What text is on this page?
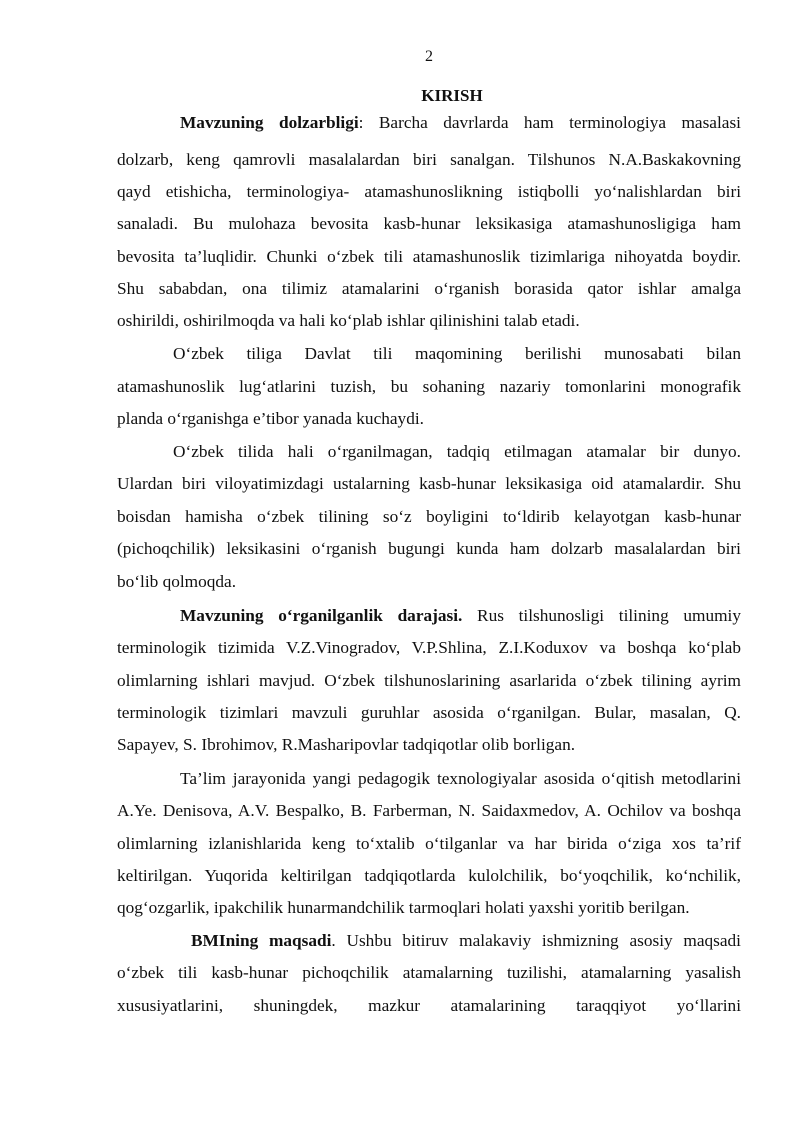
2
KIRISH
Mavzuning dolzarbligi: Barcha davrlarda ham terminologiya masalasi
dolzarb, keng qamrovli masalalardan biri sanalgan. Tilshunos N.A.Baskakovning
qayd etishicha, terminologiya- atamashunoslikning istiqbolli yo‘nalishlardan biri
sanaladi. Bu mulohaza bevosita kasb-hunar leksikasiga atamashunosligiga ham
bevosita ta’luqlidir. Chunki o‘zbek tili atamashunoslik tizimlariga nihoyatda boydir.
Shu sababdan, ona tilimiz atamalarini o‘rganish borasida qator ishlar amalga
oshirildi, oshirilmoqda va hali ko‘plab ishlar qilinishini talab etadi.
O‘zbek tiliga Davlat tili maqomining berilishi munosabati bilan
atamashunoslik lug‘atlarini tuzish, bu sohaning nazariy tomonlarini monografik
planda o‘rganishga e’tibor yanada kuchaydi.
O‘zbek tilida hali o‘rganilmagan, tadqiq etilmagan atamalar bir dunyo.
Ulardan biri viloyatimizdagi ustalarning kasb-hunar leksikasiga oid atamalardir. Shu
boisdan hamisha o‘zbek tilining so‘z boyligini to‘ldirib kelayotgan kasb-hunar
(pichoqchilik) leksikasini o‘rganish bugungi kunda ham dolzarb masalalardan biri
bo‘lib qolmoqda.
Mavzuning o‘rganilganlik darajasi. Rus tilshunosligi tilining umumiy
terminologik tizimida V.Z.Vinogradov, V.P.Shlina, Z.I.Koduxov va boshqa ko‘plab
olimlarning ishlari mavjud. O‘zbek tilshunoslarining asarlarida o‘zbek tilining ayrim
terminologik tizimlari mavzuli guruhlar asosida o‘rganilgan. Bular, masalan, Q.
Sapayev, S. Ibrohimov, R.Masharipovlar tadqiqotlar olib borligan.
Ta’lim jarayonida yangi pedagogik texnologiyalar asosida o‘qitish metodlarini
A.Ye. Denisova, A.V. Bespalko, B. Farberman, N. Saidaxmedov, A. Ochilov va boshqa
olimlarning izlanishlarida keng to‘xtalib o‘tilganlar va har birida o‘ziga xos ta’rif
keltirilgan. Yuqorida keltirilgan tadqiqotlarda kulolchilik, bo‘yoqchilik, ko‘nchilik,
qog‘ozgarlik, ipakchilik hunarmandchilik tarmoqlari holati yaxshi yoritib berilgan.
BMIning maqsadi. Ushbu bitiruv malakaviy ishmizning asosiy maqsadi
o‘zbek tili kasb-hunar pichoqchilik atamalarning tuzilishi, atamalarning yasalish
xususiyatlarini, shuningdek, mazkur atamalarining taraqqiyot yo‘llarini
